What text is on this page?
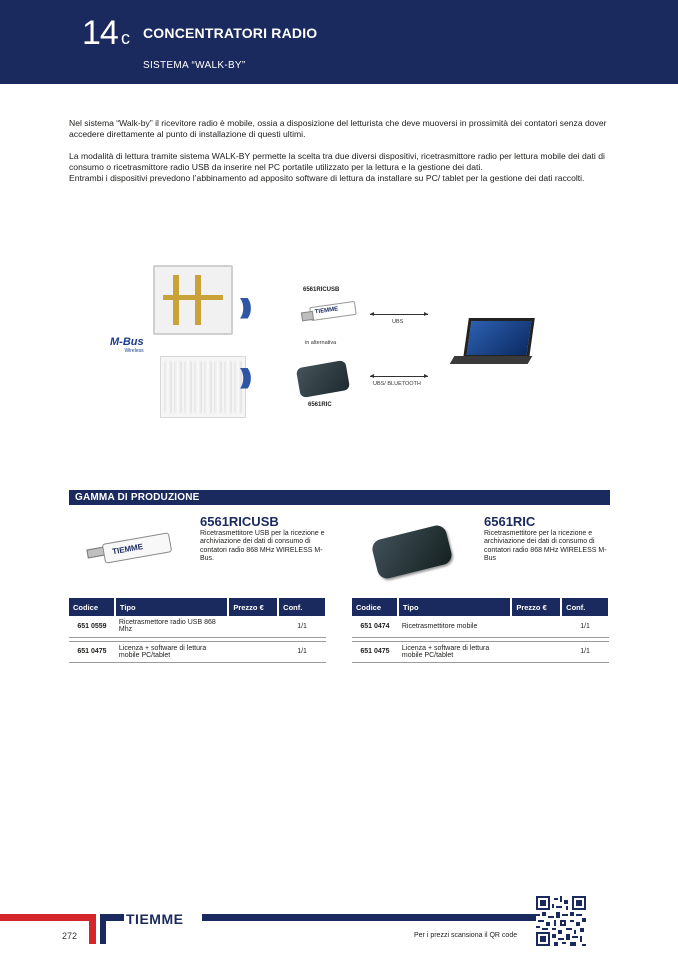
14 c CONCENTRATORI RADIO
SISTEMA “WALK-BY”

Nel sistema “Walk-by” il ricevitore radio è mobile, ossia a disposizione del letturista che deve muoversi in prossimità dei contatori senza dover accedere direttamente al punto di installazione di questi ultimi.

La modalità di lettura tramite sistema WALK-BY permette la scelta tra due diversi dispositivi, ricetrasmittore radio per lettura mobile dei dati di consumo o ricetrasmittore radio USB da inserire nel PC portatile utilizzato per la lettura e la gestione dei dati.
Entrambi i dispositivi prevedono l’abbinamento ad apposito software di lettura da installare su PC/ tablet per la gestione dei dati raccolti.

)))
M-Bus
Wireless
)))
6561RICUSB
TIEMME
in alternativa
6561RIC
UBS
UBS/ BLUETOOTH
GAMMA DI PRODUZIONE
TIEMME
6561RICUSB
Ricetrasmettitore USB per la ricezione e archiviazione dei dati di consumo di contatori radio 868 MHz WIRELESS M-Bus.
6561RIC
Ricetrasmettitore per la ricezione e archiviazione dei dati di consumo di contatori radio 868 MHz WIRELESS M-Bus
Codice	Tipo	Prezzo €	Conf.
651 0559	Ricetrasmettore radio USB 868 Mhz		1/1

651 0475	Licenza + software di lettura mobile PC/tablet		1/1
Codice	Tipo	Prezzo €	Conf.
651 0474	Ricetrasmettitore mobile		1/1

651 0475	Licenza + software di lettura mobile PC/tablet		1/1
TIEMME
272	Per i prezzi scansiona il QR code
